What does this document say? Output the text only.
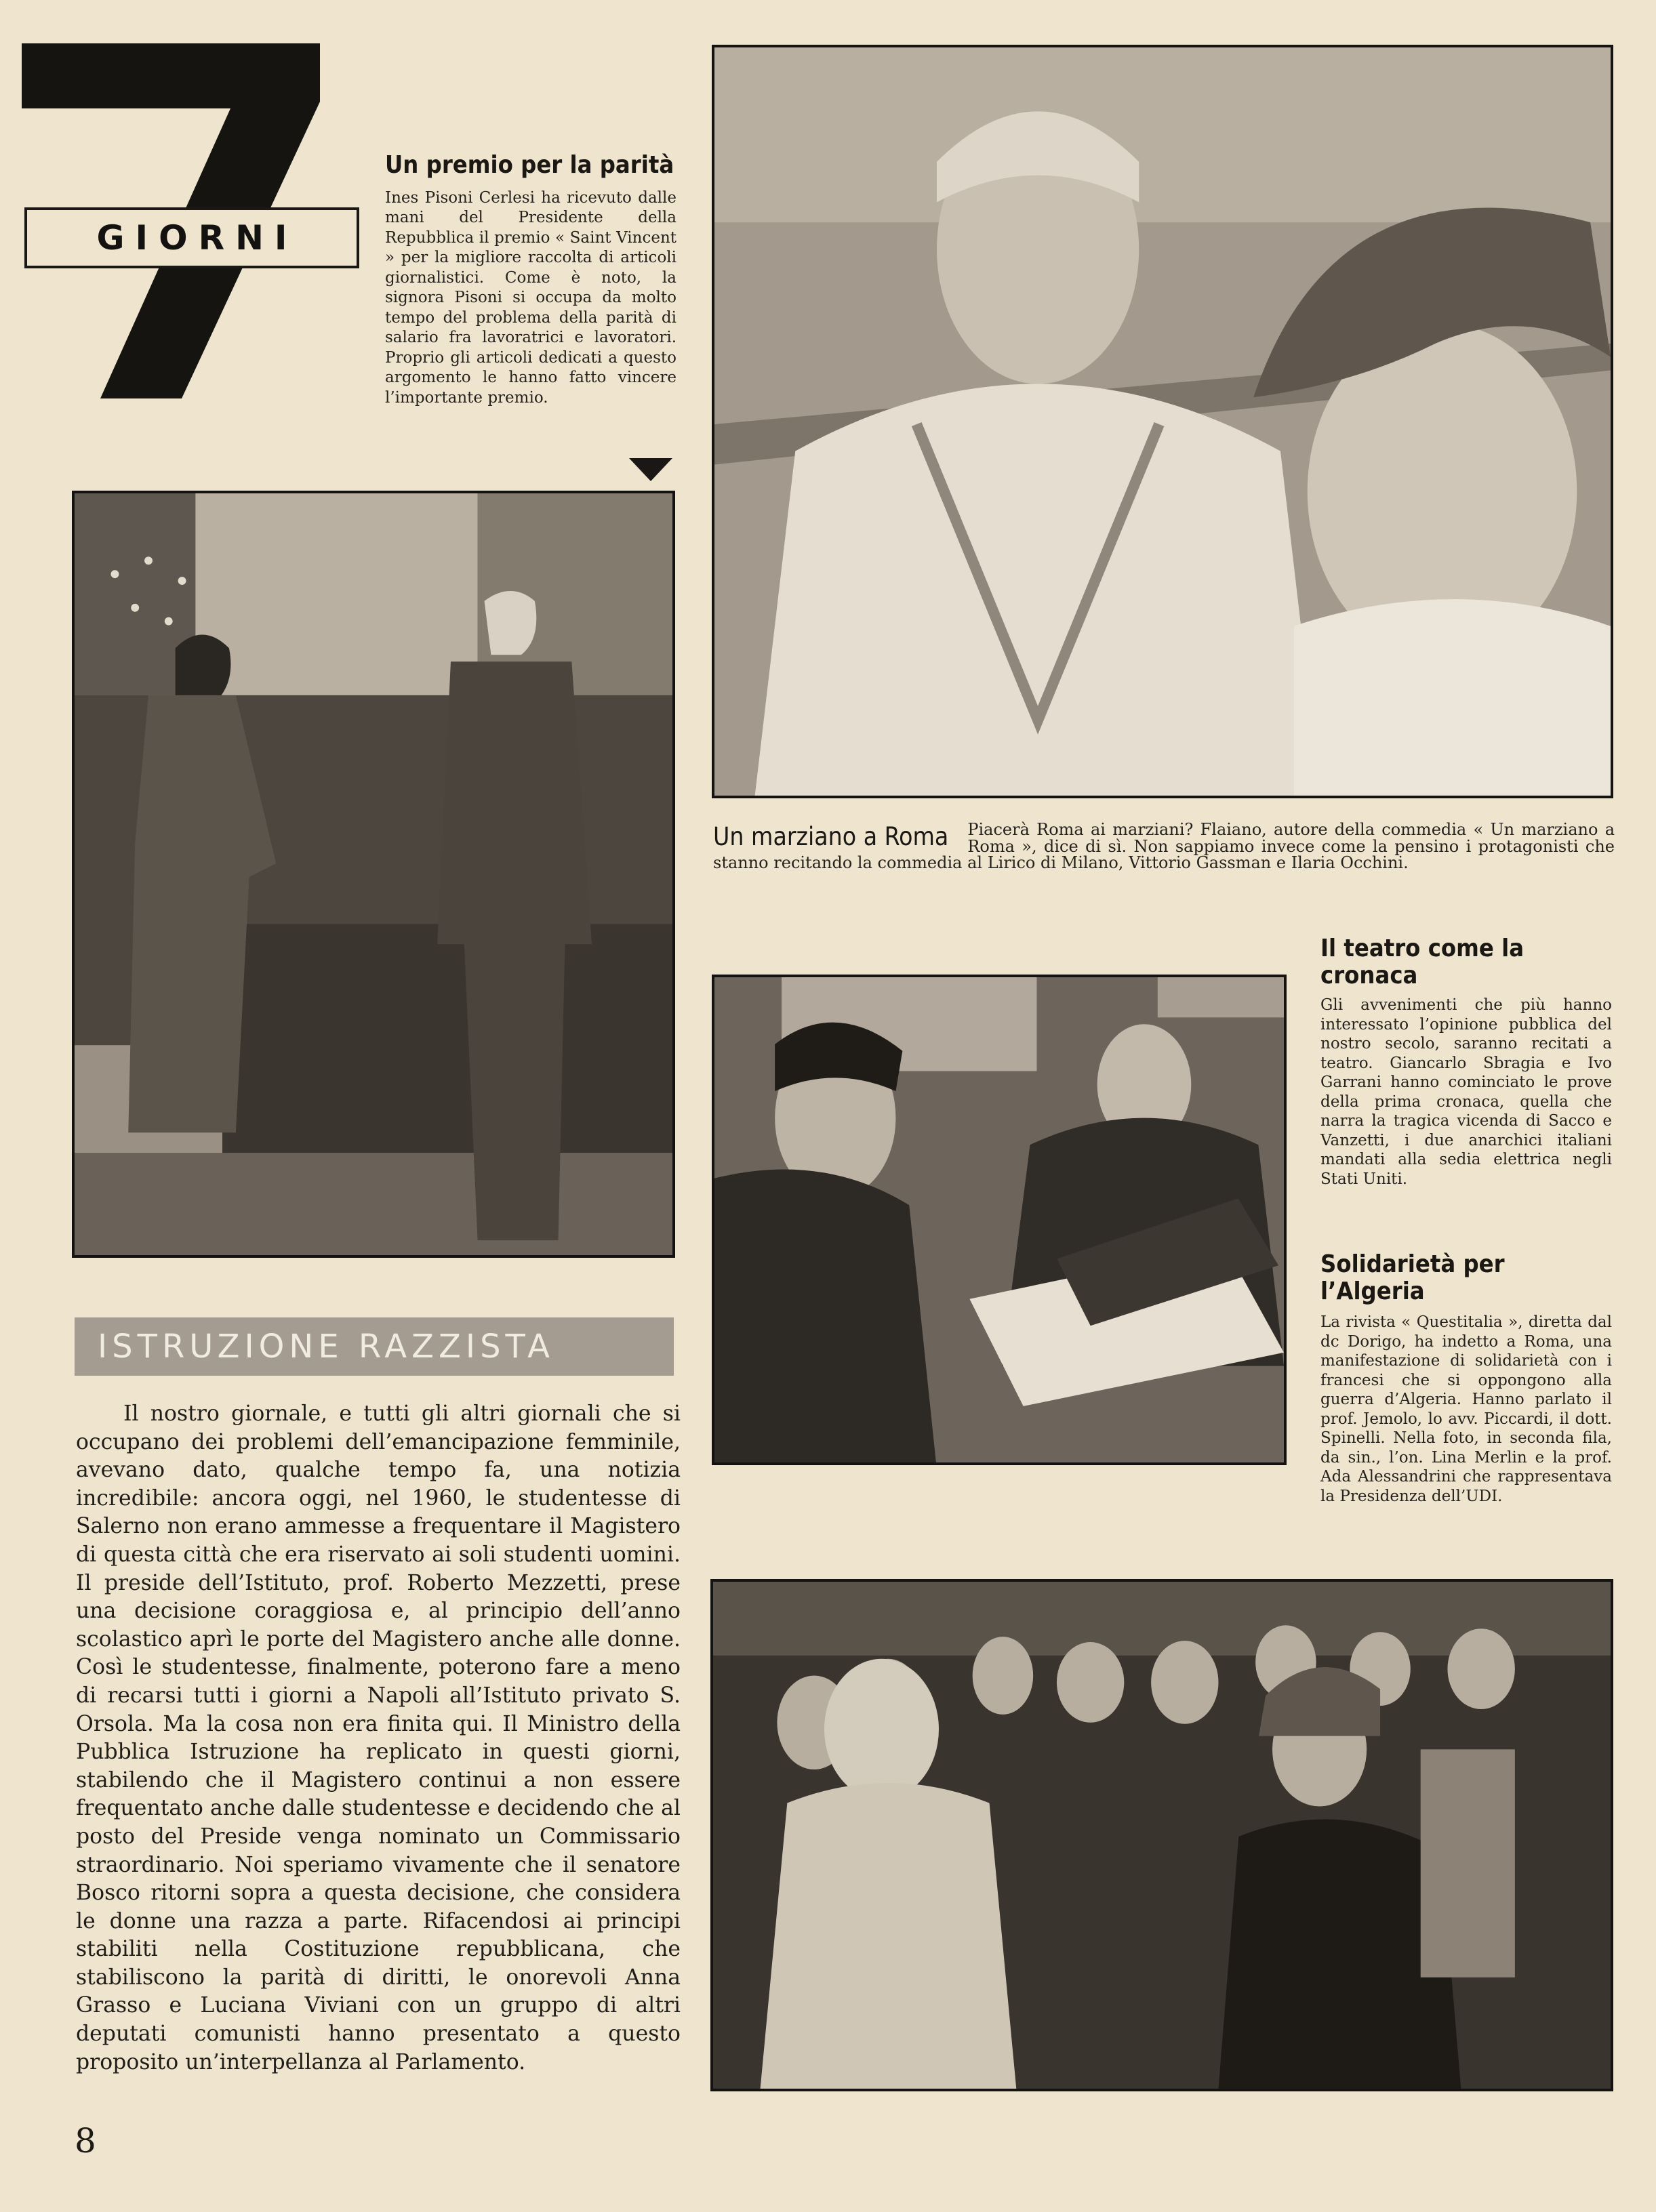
GIORNI
Un premio per la parità

Ines Pisoni Cerlesi ha ricevuto dalle mani del Presidente della Repubblica il premio « Saint Vincent » per la migliore raccolta di articoli giornalistici. Come è noto, la signora Pisoni si occupa da molto tempo del problema della parità di salario fra lavoratrici e lavoratori. Proprio gli articoli dedicati a questo argomento le hanno fatto vincere l’importante premio.

Un marziano a Roma	Piacerà Roma ai marziani? Flaiano, autore della commedia « Un marziano a Roma », dice di sì. Non sappiamo invece come la pensino i protagonisti che stanno recitando la commedia al Lirico di Milano, Vittorio Gassman e Ilaria Occhini.
Il teatro come la cronaca

Gli avvenimenti che più hanno interessato l’opinione pubblica del nostro secolo, saranno recitati a teatro. Giancarlo Sbragia e Ivo Garrani hanno cominciato le prove della prima cronaca, quella che narra la tragica vicenda di Sacco e Vanzetti, i due anarchici italiani mandati alla sedia elettrica negli Stati Uniti.

Solidarietà per l’Algeria

La rivista « Questitalia », diretta dal dc Dorigo, ha indetto a Roma, una manifestazione di solidarietà con i francesi che si oppongono alla guerra d’Algeria. Hanno parlato il prof. Jemolo, lo avv. Piccardi, il dott. Spinelli. Nella foto, in seconda fila, da sin., l’on. Lina Merlin e la prof. Ada Alessandrini che rappresentava la Presidenza dell’UDI.

ISTRUZIONE RAZZISTA

Il nostro giornale, e tutti gli altri giornali che si occupano dei problemi dell’emancipazione femminile, avevano dato, qualche tempo fa, una notizia incredibile: ancora oggi, nel 1960, le studentesse di Salerno non erano ammesse a frequentare il Magistero di questa città che era riservato ai soli studenti uomini. Il preside dell’Istituto, prof. Roberto Mezzetti, prese una decisione coraggiosa e, al principio dell’anno scolastico aprì le porte del Magistero anche alle donne. Così le studentesse, finalmente, poterono fare a meno di recarsi tutti i giorni a Napoli all’Istituto privato S. Orsola. Ma la cosa non era finita qui. Il Ministro della Pubblica Istruzione ha replicato in questi giorni, stabilendo che il Magistero continui a non essere frequentato anche dalle studentesse e decidendo che al posto del Preside venga nominato un Commissario straordinario. Noi speriamo vivamente che il senatore Bosco ritorni sopra a questa decisione, che considera le donne una razza a parte. Rifacendosi ai principi stabiliti nella Costituzione repubblicana, che stabiliscono la parità di diritti, le onorevoli Anna Grasso e Luciana Viviani con un gruppo di altri deputati comunisti hanno presentato a questo proposito un’interpellanza al Parlamento.

8
